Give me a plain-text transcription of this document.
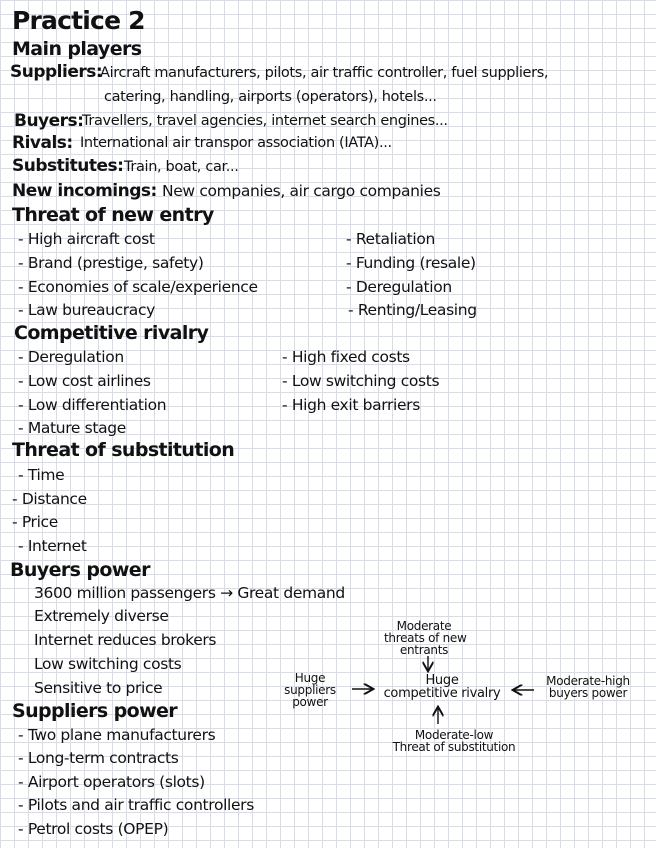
Practice 2
Main players
Suppliers:
Aircraft manufacturers, pilots, air traffic controller, fuel suppliers,
catering, handling, airports (operators), hotels...
Buyers:
Travellers, travel agencies, internet search engines...
Rivals: International air transpor association (IATA)...
Substitutes: Train, boat, car...
New incomings: New companies, air cargo companies
Threat of new entry
- High aircraft cost
- Brand (prestige, safety)
- Economies of scale/experience
- Law bureaucracy
- Retaliation
- Funding (resale)
- Deregulation
- Renting/Leasing
Competitive rivalry
- Deregulation
- Low cost airlines
- Low differentiation
- Mature stage
- High fixed costs
- Low switching costs
- High exit barriers
Threat of substitution
- Time
- Distance
- Price
- Internet
Buyers power
3600 million passengers → Great demand
Extremely diverse
Internet reduces brokers
Low switching costs
Sensitive to price
Suppliers power
- Two plane manufacturers
- Long-term contracts
- Airport operators (slots)
- Pilots and air traffic controllers
- Petrol costs (OPEP)
Moderate
threats of new
entrants
Huge
suppliers
power
Huge
competitive rivalry
Moderate-high
buyers power
Moderate-low
Threat of substitution
